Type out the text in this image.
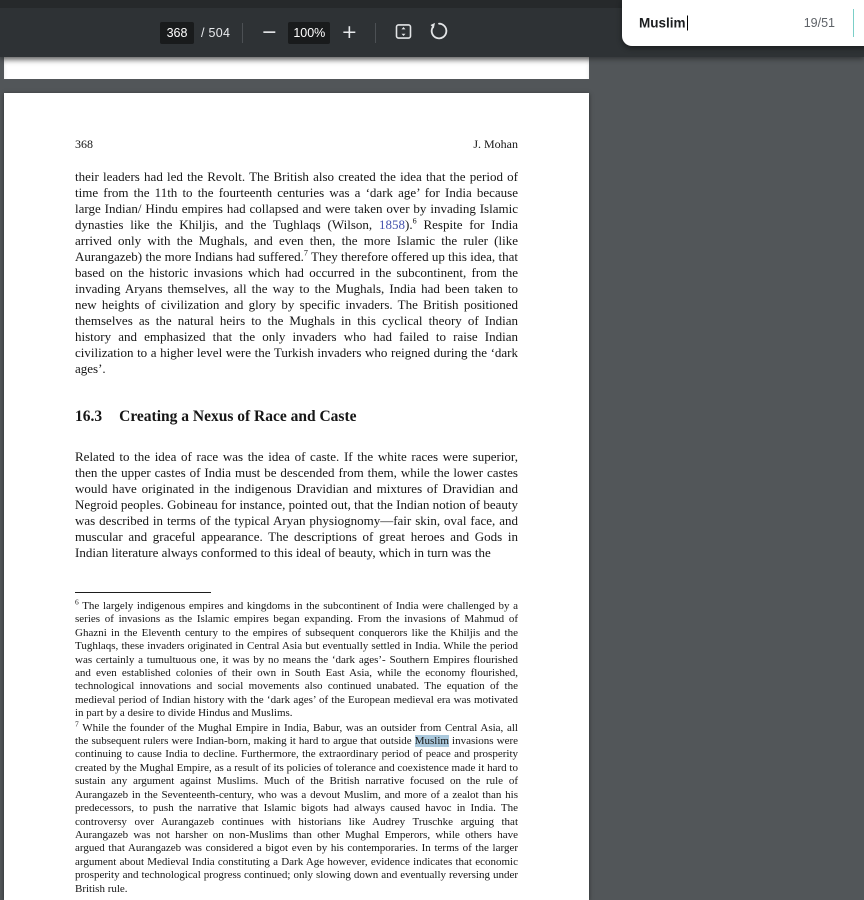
368	/ 504 −	100% +	Muslim	19/51
368	J. Mohan
their leaders had led the Revolt. The British also created the idea that the period of time from the 11th to the fourteenth centuries was a ‘dark age’ for India because large Indian/ Hindu empires had collapsed and were taken over by invading Islamic dynasties like the Khiljis, and the Tughlaqs (Wilson, 1858).$^6$ Respite for India arrived only with the Mughals, and even then, the more Islamic the ruler (like Aurangazeb) the more Indians had suffered.$^7$ They therefore offered up this idea, that based on the historic invasions which had occurred in the subcontinent, from the invading Aryans themselves, all the way to the Mughals, India had been taken to new heights of civilization and glory by specific invaders. The British positioned themselves as the natural heirs to the Mughals in this cyclical theory of Indian history and emphasized that the only invaders who had failed to raise Indian civilization to a higher level were the Turkish invaders who reigned during the ‘dark ages’.
16.3 Creating a Nexus of Race and Caste
Related to the idea of race was the idea of caste. If the white races were superior, then the upper castes of India must be descended from them, while the lower castes would have originated in the indigenous Dravidian and mixtures of Dravidian and Negroid peoples. Gobineau for instance, pointed out, that the Indian notion of beauty was described in terms of the typical Aryan physiognomy—fair skin, oval face, and muscular and graceful appearance. The descriptions of great heroes and Gods in Indian literature always conformed to this ideal of beauty, which in turn was the
$^6$ The largely indigenous empires and kingdoms in the subcontinent of India were challenged by a series of invasions as the Islamic empires began expanding. From the invasions of Mahmud of Ghazni in the Eleventh century to the empires of subsequent conquerors like the Khiljis and the Tughlaqs, these invaders originated in Central Asia but eventually settled in India. While the period was certainly a tumultuous one, it was by no means the ‘dark ages’- Southern Empires flourished and even established colonies of their own in South East Asia, while the economy flourished, technological innovations and social movements also continued unabated. The equation of the medieval period of Indian history with the ‘dark ages’ of the European medieval era was motivated in part by a desire to divide Hindus and Muslims.
$^7$ While the founder of the Mughal Empire in India, Babur, was an outsider from Central Asia, all the subsequent rulers were Indian-born, making it hard to argue that outside Muslim invasions were continuing to cause India to decline. Furthermore, the extraordinary period of peace and prosperity created by the Mughal Empire, as a result of its policies of tolerance and coexistence made it hard to sustain any argument against Muslims. Much of the British narrative focused on the rule of Aurangazeb in the Seventeenth-century, who was a devout Muslim, and more of a zealot than his predecessors, to push the narrative that Islamic bigots had always caused havoc in India. The controversy over Aurangazeb continues with historians like Audrey Truschke arguing that Aurangazeb was not harsher on non-Muslims than other Mughal Emperors, while others have argued that Aurangazeb was considered a bigot even by his contemporaries. In terms of the larger argument about Medieval India constituting a Dark Age however, evidence indicates that economic prosperity and technological progress continued; only slowing down and eventually reversing under British rule.
